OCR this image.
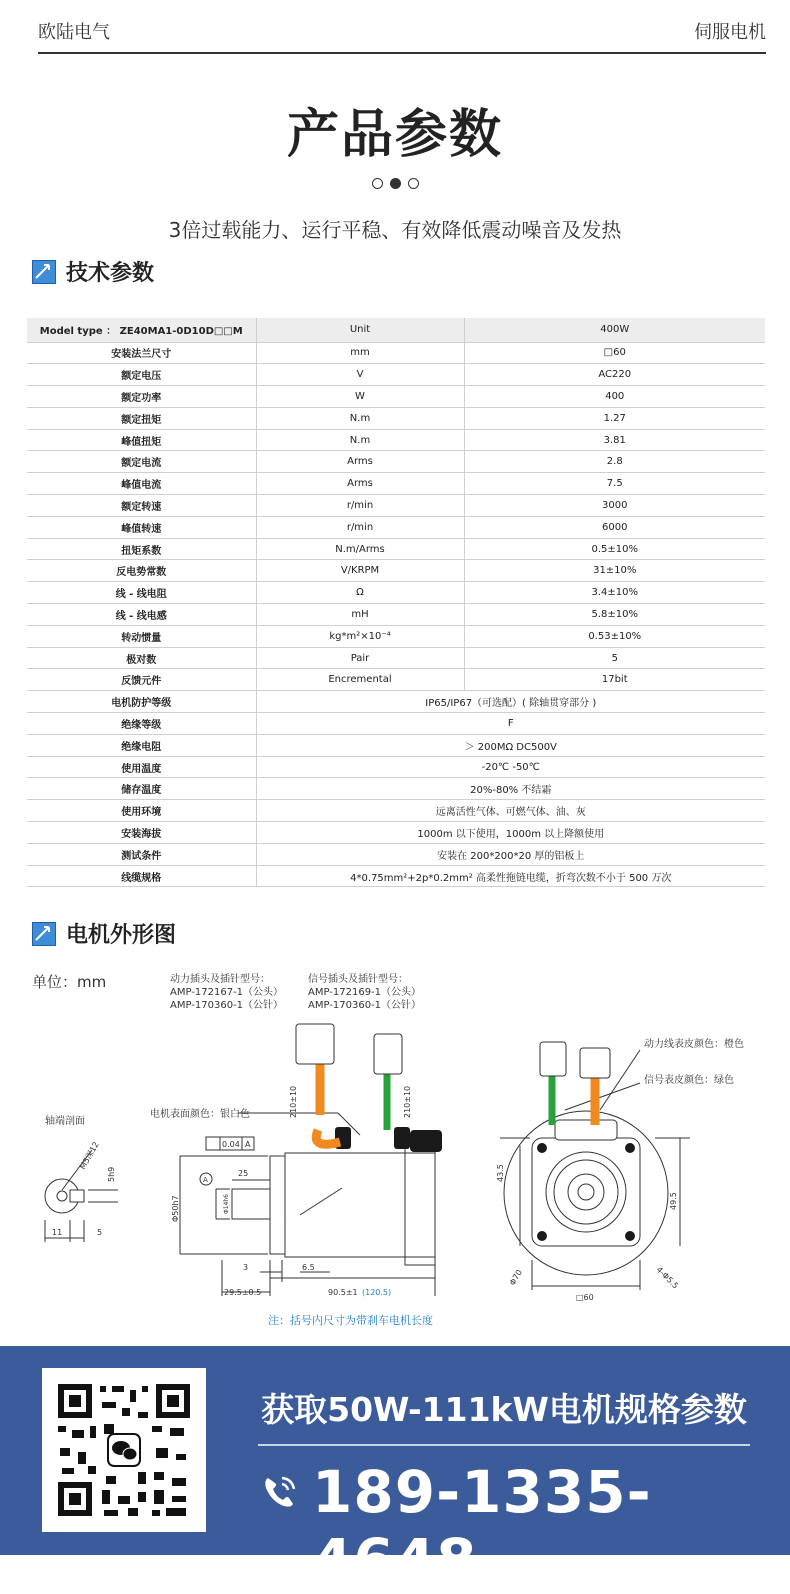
欧陆电气	伺服电机
产品参数
3倍过载能力、运行平稳、有效降低震动噪音及发热
技术参数
Model type ： ZE40MA1-0D10D□□M	Unit	400W
安装法兰尺寸	mm	□60
额定电压	V	AC220
额定功率	W	400
额定扭矩	N.m	1.27
峰值扭矩	N.m	3.81
额定电流	Arms	2.8
峰值电流	Arms	7.5
额定转速	r/min	3000
峰值转速	r/min	6000
扭矩系数	N.m/Arms	0.5±10%
反电势常数	V/KRPM	31±10%
线 - 线电阻	Ω	3.4±10%
线 - 线电感	mH	5.8±10%
转动惯量	kg*m²×10⁻⁴	0.53±10%
极对数	Pair	5
反馈元件	Encremental	17bit
电机防护等级	IP65/IP67（可选配）( 除轴贯穿部分 )	
绝缘等级	F	
绝缘电阻	＞ 200MΩ DC500V	
使用温度	-20℃ -50℃	
储存温度	20%-80% 不结霜	
使用环境	远离活性气体、可燃气体、油、灰	
安装海拔	1000m 以下使用，1000m 以上降额使用	
测试条件	安装在 200*200*20 厚的铝板上	
线缆规格	4*0.75mm²+2p*0.2mm² 高柔性拖链电缆，折弯次数不小于 500 万次	
电机外形图
单位：mm
轴端剖面
动力插头及插针型号：
AMP-172167-1（公头）
AMP-170360-1（公针）
信号插头及插针型号：
AMP-172169-1（公头）
AMP-170360-1（公针）
电机表面颜色：银白色
动力线表皮颜色：橙色
信号表皮颜色：绿色
注：括号内尺寸为带刹车电机长度
11	5
5h9
M5深12
210±10	210±10
0.04 A
A
25
Φ50h7	Φ14h6
3	6.5
29.5±0.5	90.5±1 (120.5)
43.5
49.5
Φ70	4-Φ5.5
□60
获取50W-111kW电机规格参数
189-1335-4648
